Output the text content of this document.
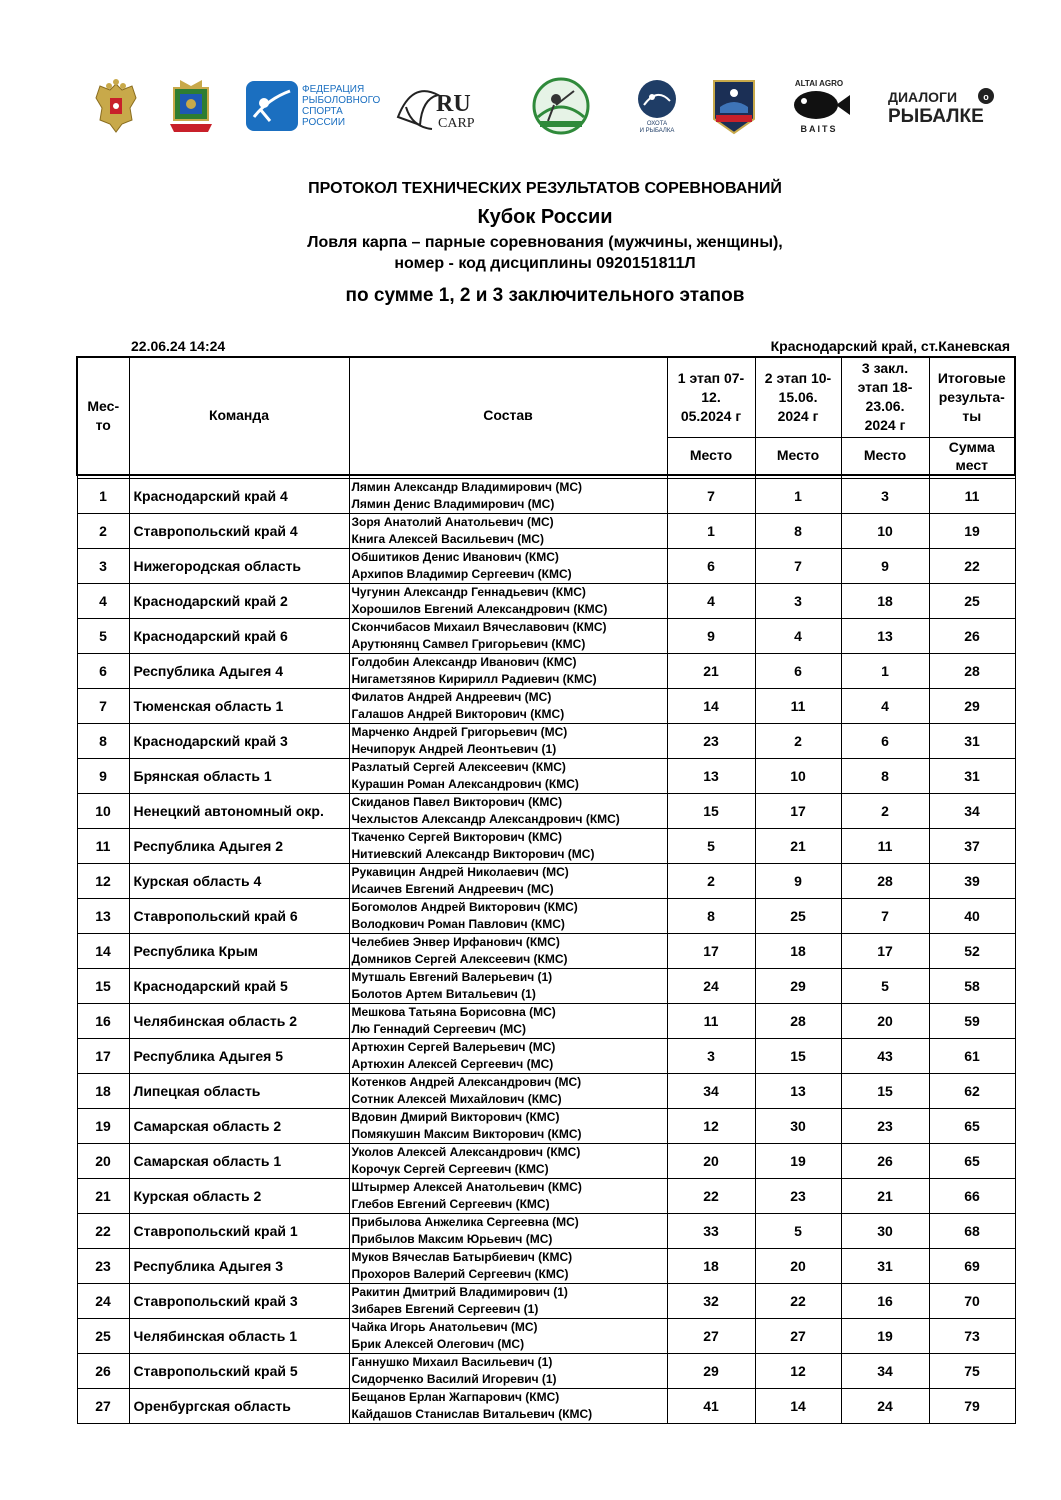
ФЕДЕРАЦИЯ РЫБОЛОВНОГО СПОРТА РОССИИ
RU
CARP	ОХОТА
И РЫБАЛКА
ALTAI AGRO
BAITS
ДИАЛОГИ	о
РЫБАЛКЕ
ПРОТОКОЛ ТЕХНИЧЕСКИХ РЕЗУЛЬТАТОВ СОРЕВНОВАНИЙ
Кубок России
Ловля карпа – парные соревнования (мужчины, женщины),
номер - код дисциплины 0920151811Л
по сумме 1, 2 и 3 заключительного этапов
22.06.24 14:24	Краснодарский край, ст.Каневская
Мес-то	Команда	Состав	1 этап 07-12. 05.2024 г	2 этап 10-15.06. 2024 г	3 закл. этап 18-23.06. 2024 г	Итоговые результа-ты

			Место	Место	Место	Сумма мест

1	Краснодарский край 4	Лямин Александр Владимирович (МС)
Лямин Денис Владимирович (МС)	7	1	3	11
2	Ставропольский край 4	Зоря Анатолий Анатольевич (МС)
Книга Алексей Васильевич (МС)	1	8	10	19
3	Нижегородская область	Обшитиков Денис Иванович (КМС)
Архипов Владимир Сергеевич (КМС)	6	7	9	22
4	Краснодарский край 2	Чугунин Александр Геннадьевич (КМС)
Хорошилов Евгений Александрович (КМС)	4	3	18	25
5	Краснодарский край 6	Скончибасов Михаил Вячеславович (КМС)
Арутюнянц Самвел Григорьевич (КМС)	9	4	13	26
6	Республика Адыгея 4	Голдобин Александр Иванович (КМС)
Нигаметзянов Киририлл Радиевич (КМС)	21	6	1	28
7	Тюменская область 1	Филатов Андрей Андреевич (МС)
Галашов Андрей Викторович (КМС)	14	11	4	29
8	Краснодарский край 3	Марченко Андрей Григорьевич (МС)
Нечипорук Андрей Леонтьевич (1)	23	2	6	31
9	Брянская область 1	Разлатый Сергей Алексеевич (КМС)
Курашин Роман Александрович (КМС)	13	10	8	31
10	Ненецкий автономный окр.	Скиданов Павел Викторович (КМС)
Чехлыстов Александр Александрович (КМС)	15	17	2	34
11	Республика Адыгея 2	Ткаченко Сергей Викторович (КМС)
Нитиевский Александр Викторович (МС)	5	21	11	37
12	Курская область 4	Рукавицин Андрей Николаевич (МС)
Исаичев Евгений Андреевич (МС)	2	9	28	39
13	Ставропольский край 6	Богомолов Андрей Викторович (КМС)
Володкович Роман Павлович (КМС)	8	25	7	40
14	Республика Крым	Челебиев Энвер Ирфанович (КМС)
Домников Сергей Алексеевич (КМС)	17	18	17	52
15	Краснодарский край 5	Мутшаль Евгений Валерьевич (1)
Болотов Артем Витальевич (1)	24	29	5	58
16	Челябинская область 2	Мешкова Татьяна Борисовна (МС)
Лю Геннадий Сергеевич (МС)	11	28	20	59
17	Республика Адыгея 5	Артюхин Сергей Валерьевич (МС)
Артюхин Алексей Сергеевич (МС)	3	15	43	61
18	Липецкая область	Котенков Андрей Александрович (МС)
Сотник Алексей Михайлович (КМС)	34	13	15	62
19	Самарская область 2	Вдовин Дмирий Викторович (КМС)
Помякушин Максим Викторович (КМС)	12	30	23	65
20	Самарская область 1	Уколов Алексей Александрович (КМС)
Корочук Сергей Сергеевич (КМС)	20	19	26	65
21	Курская область 2	Штырмер Алексей Анатольевич (КМС)
Глебов Евгений Сергеевич (КМС)	22	23	21	66
22	Ставропольский край 1	Прибылова Анжелика Сергеевна (МС)
Прибылов Максим Юрьевич (МС)	33	5	30	68
23	Республика Адыгея 3	Муков Вячеслав Батырбиевич (КМС)
Прохоров Валерий Сергеевич (КМС)	18	20	31	69
24	Ставропольский край 3	Ракитин Дмитрий Владимирович (1)
Зибарев Евгений Сергеевич (1)	32	22	16	70
25	Челябинская область 1	Чайка Игорь Анатольевич (МС)
Брик Алексей Олегович (МС)	27	27	19	73
26	Ставропольский край 5	Ганнушко Михаил Васильевич (1)
Сидорченко Василий Игоревич (1)	29	12	34	75
27	Оренбургская область	Бещанов Ерлан Жагпарович (КМС)
Кайдашов Станислав Витальевич (КМС)	41	14	24	79
